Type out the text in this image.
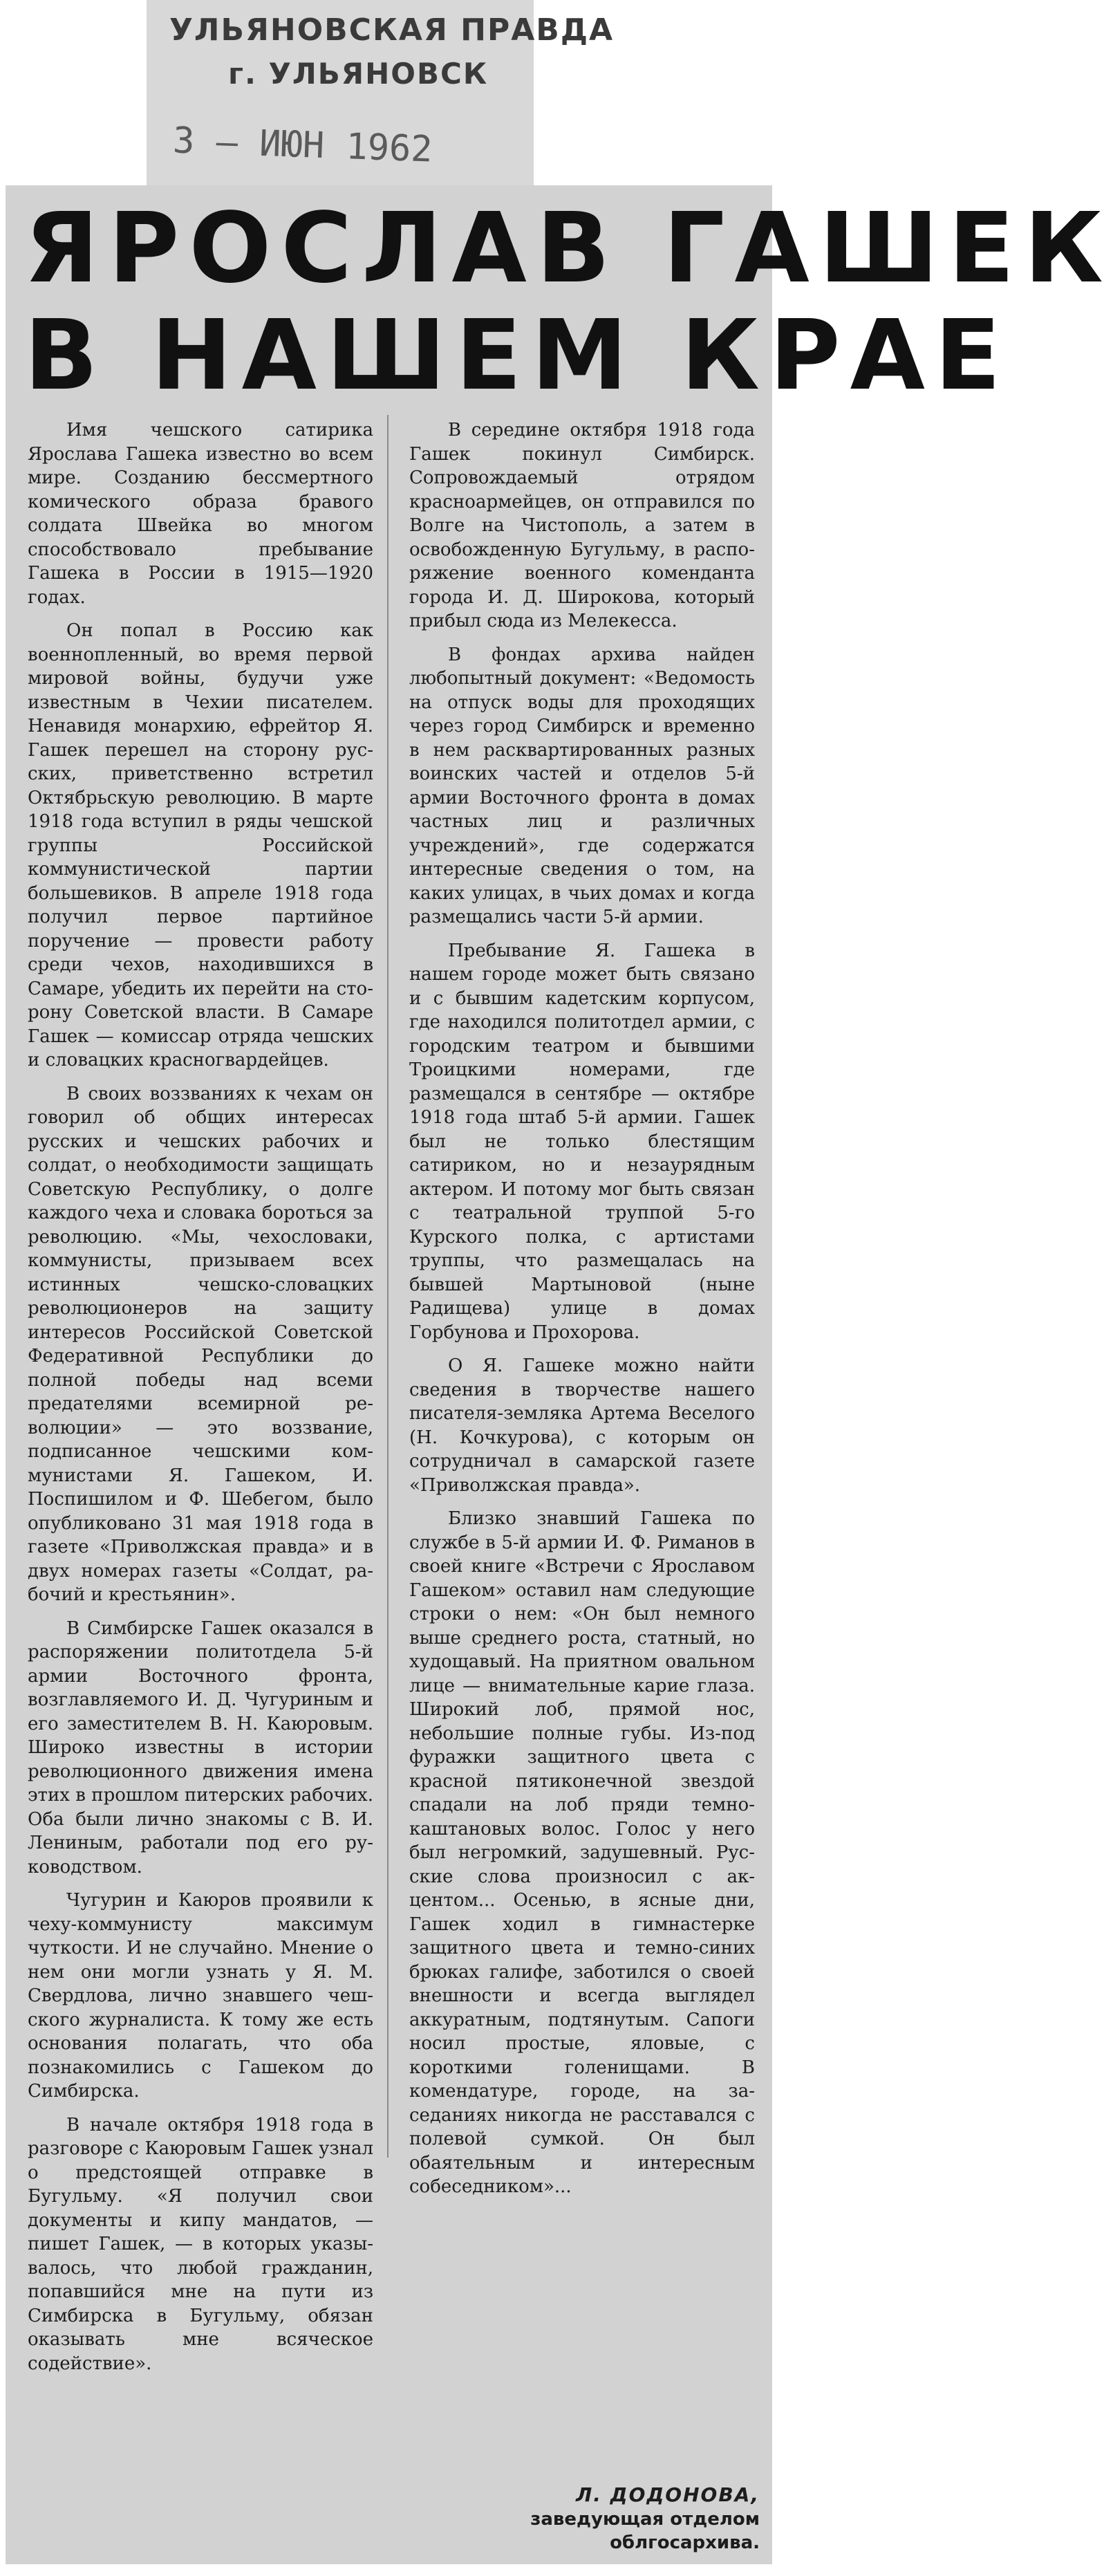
УЛЬЯНОВСКАЯ ПРАВДА
г. УЛЬЯНОВСК
3 — ИЮН 1962
ЯРОСЛАВ ГАШЕК
В НАШЕМ КРАЕ

Имя чешского сатирика Ярослава Гашека известно во всем мире. Созданию бессмертного комического образа бравого солдата Швейка во многом способствовало пребывание Гашека в России в 1915—1920 годах.

Он попал в Россию как военнопленный, во время первой мировой войны, будучи уже известным в Чехии писателем. Ненавидя монархию, ефрейтор Я. Гашек перешел на сторону русских, приветственно встретил Октябрьскую революцию. В марте 1918 года вступил в ряды чешской группы Российской коммунистической партии большевиков. В апреле 1918 года получил первое партийное поручение — провести работу среди чехов, находившихся в Самаре, убедить их перейти на сторону Советской власти. В Самаре Гашек — комиссар отряда чешских и словацких красногвардейцев.

В своих воззваниях к чехам он говорил об общих интересах русских и чешских рабочих и солдат, о необходимости защищать Советскую Республику, о долге каждого чеха и словака бороться за революцию. «Мы, чехословаки, коммунисты, призываем всех истинных чешско-словацких революционеров на защиту интересов Российской Советской Федеративной Республики до полной победы над всеми предателями всемирной революции» — это воззвание, подписанное чешскими коммунистами Я. Гашеком, И. Поспишилом и Ф. Шебегом, было опубликовано 31 мая 1918 года в газете «Приволжская правда» и в двух номерах газеты «Солдат, рабочий и крестьянин».

В Симбирске Гашек оказался в распоряжении политотдела 5-й армии Восточного фронта, возглавляемого И. Д. Чугуриным и его заместителем В. Н. Каюровым. Широко известны в истории революционного движения имена этих в прошлом питерских рабочих. Оба были лично знакомы с В. И. Лениным, работали под его руководством.

Чугурин и Каюров проявили к чеху-коммунисту максимум чуткости. И не случайно. Мнение о нем они могли узнать у Я. М. Свердлова, лично знавшего чешского журналиста. К тому же есть основания полагать, что оба познакомились с Гашеком до Симбирска.

В начале октября 1918 года в разговоре с Каюровым Гашек узнал о предстоящей отправке в Бугульму. «Я получил свои документы и кипу мандатов, — пишет Гашек, — в которых указывалось, что любой гражданин, попавшийся мне на пути из Симбирска в Бугульму, обязан оказывать мне всяческое содействие».

В середине октября 1918 года Гашек покинул Симбирск. Сопровождаемый отрядом красноармейцев, он отправился по Волге на Чистополь, а затем в освобожденную Бугульму, в распоряжение военного коменданта города И. Д. Широкова, который прибыл сюда из Мелекесса.

В фондах архива найден любопытный документ: «Ведомость на отпуск воды для проходящих через город Симбирск и временно в нем расквартированных разных воинских частей и отделов 5-й армии Восточного фронта в домах частных лиц и различных учреждений», где содержатся интересные сведения о том, на каких улицах, в чьих домах и когда размещались части 5-й армии.

Пребывание Я. Гашека в нашем городе может быть связано и с бывшим кадетским корпусом, где находился политотдел армии, с городским театром и бывшими Троицкими номерами, где размещался в сентябре — октябре 1918 года штаб 5-й армии. Гашек был не только блестящим сатириком, но и незаурядным актером. И потому мог быть связан с театральной труппой 5-го Курского полка, с артистами труппы, что размещалась на бывшей Мартыновой (ныне Радищева) улице в домах Горбунова и Прохорова.

О Я. Гашеке можно найти сведения в творчестве нашего писателя-земляка Артема Веселого (Н. Кочкурова), с которым он сотрудничал в самарской газете «Приволжская правда».

Близко знавший Гашека по службе в 5-й армии И. Ф. Риманов в своей книге «Встречи с Ярославом Гашеком» оставил нам следующие строки о нем: «Он был немного выше среднего роста, статный, но худощавый. На приятном овальном лице — внимательные карие глаза. Широкий лоб, прямой нос, небольшие полные губы. Из-под фуражки защитного цвета с красной пятиконечной звездой спадали на лоб пряди темно-каштановых волос. Голос у него был негромкий, задушевный. Русские слова произносил с акцентом... Осенью, в ясные дни, Гашек ходил в гимнастерке защитного цвета и темно-синих брюках галифе, заботился о своей внешности и всегда выглядел аккуратным, подтянутым. Сапоги носил простые, яловые, с короткими голенищами. В комендатуре, городе, на заседаниях никогда не расставался с полевой сумкой. Он был обаятельным и интересным собеседником»...

Л. ДОДОНОВА,
заведующая отделом
облгосархива.
